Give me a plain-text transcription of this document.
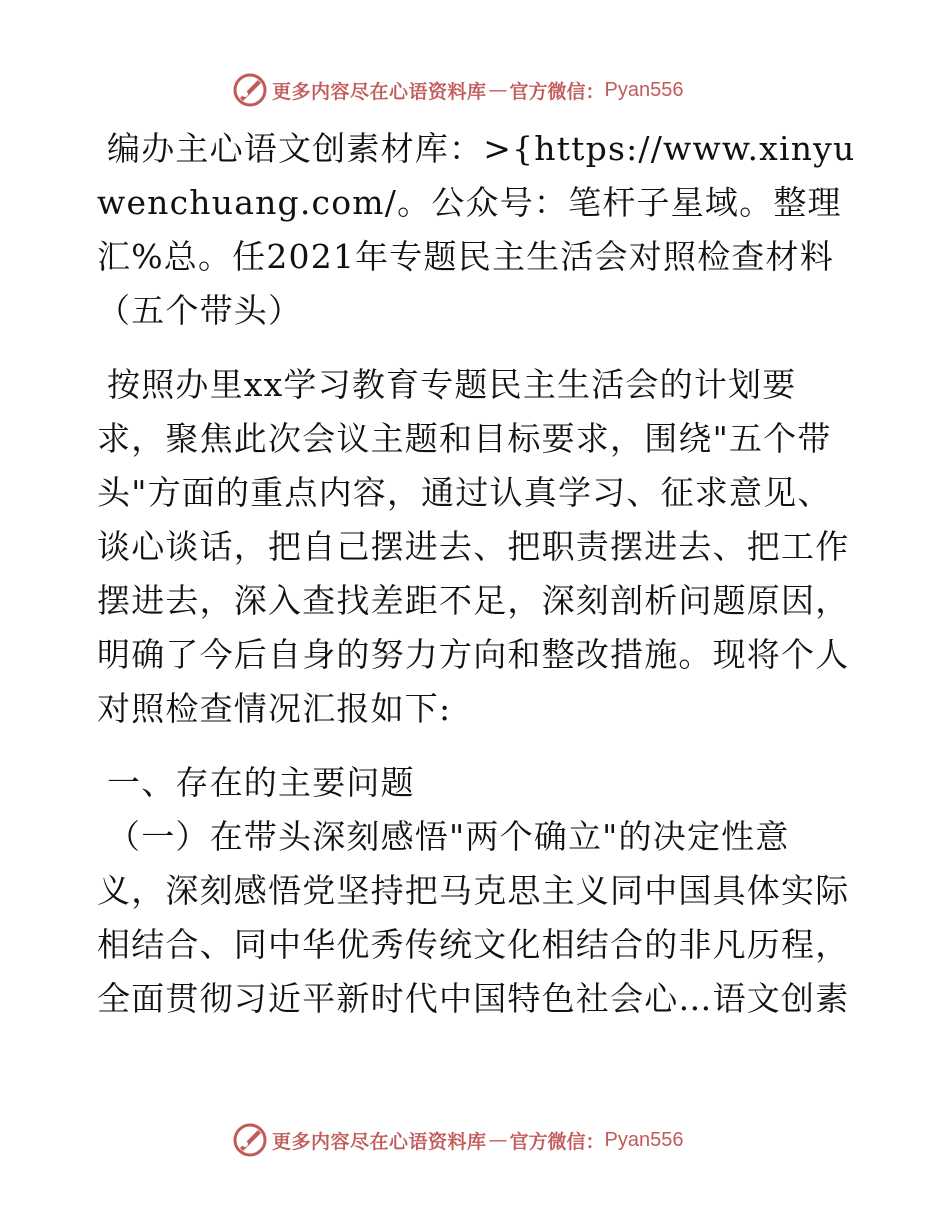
更多内容尽在心语资料库 — 官方微信： Pyan556

编办主心语文创素材库：>{https://www.xinyuwenchuang.com/。公众号：笔杆子星域。整理汇%总。任2021年专题民主生活会对照检查材料（五个带头）

按照办里xx学习教育专题民主生活会的计划要求，聚焦此次会议主题和目标要求，围绕"五个带头"方面的重点内容，通过认真学习、征求意见、谈心谈话，把自己摆进去、把职责摆进去、把工作摆进去，深入查找差距不足，深刻剖析问题原因，明确了今后自身的努力方向和整改措施。现将个人对照检查情况汇报如下:

一、存在的主要问题

（一）在带头深刻感悟"两个确立"的决定性意义，深刻感悟党坚持把马克思主义同中国具体实际相结合、同中华优秀传统文化相结合的非凡历程，全面贯彻习近平新时代中国特色社会心…语文创素

更多内容尽在心语资料库 — 官方微信： Pyan556
